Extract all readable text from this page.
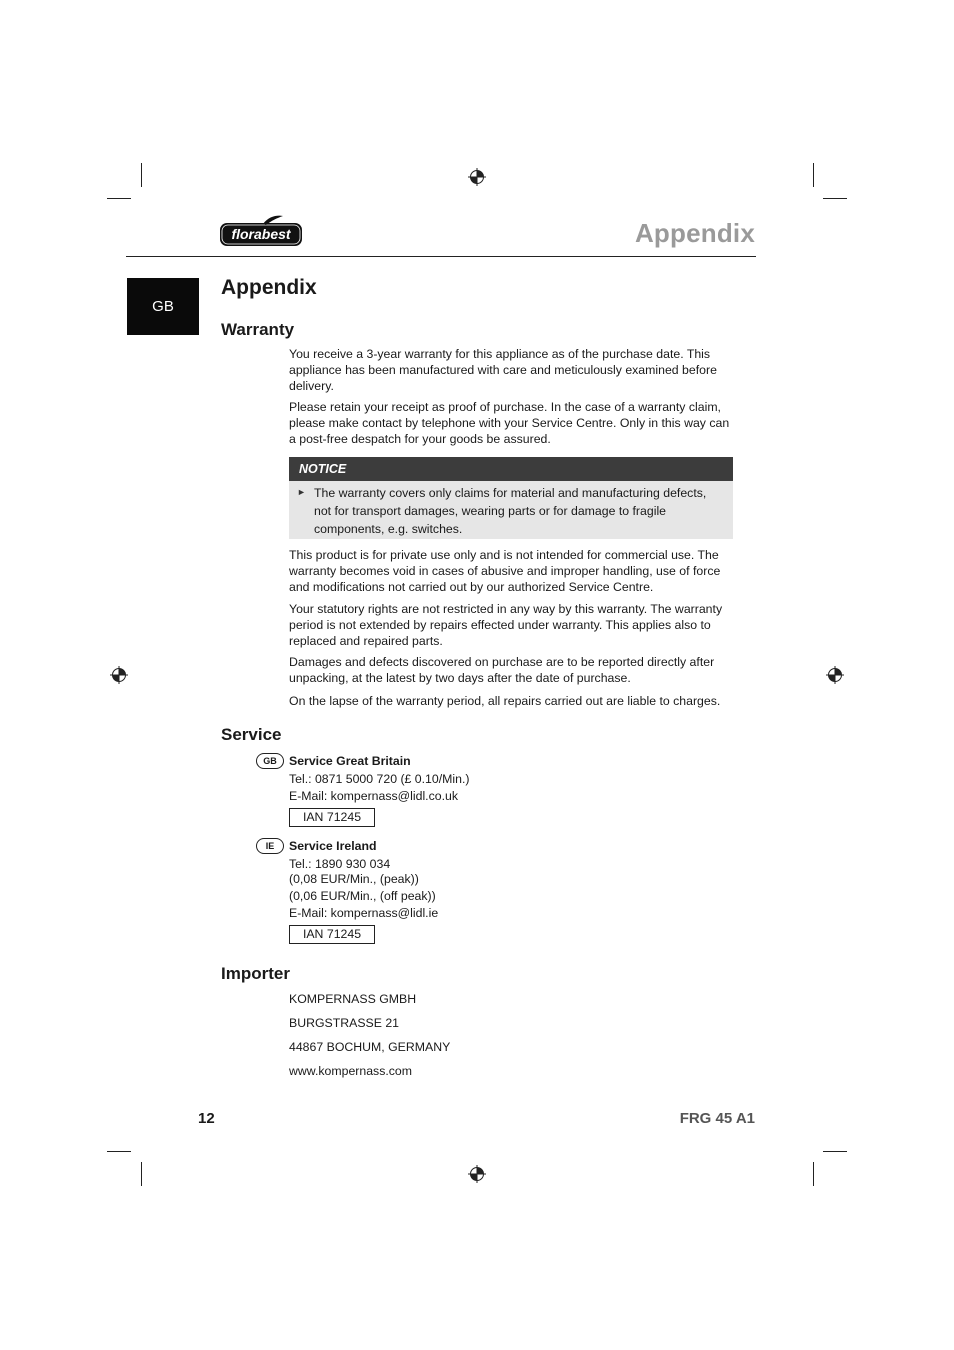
florabest	Appendix
GB
Appendix
Warranty

You receive a 3-year warranty for this appliance as of the purchase date. This appliance has been manufactured with care and meticulously examined before delivery.

Please retain your receipt as proof of purchase. In the case of a warranty claim, please make contact by telephone with your Service Centre. Only in this way can a post-free despatch for your goods be assured.

NOTICE
► The warranty covers only claims for material and manufacturing defects, not for transport damages, wearing parts or for damage to fragile components, e.g. switches.

This product is for private use only and is not intended for commercial use. The warranty becomes void in cases of abusive and improper handling, use of force and modifications not carried out by our authorized Service Centre.

Your statutory rights are not restricted in any way by this warranty. The warranty period is not extended by repairs effected under warranty. This applies also to replaced and repaired parts.

Damages and defects discovered on purchase are to be reported directly after unpacking, at the latest by two days after the date of purchase.

On the lapse of the warranty period, all repairs carried out are liable to charges.

Service
GB Service Great Britain
Tel.: 0871 5000 720 (£ 0.10/Min.)
E-Mail: kompernass@lidl.co.uk
IAN 71245
IE	Service Ireland
Tel.: 1890 930 034
(0,08 EUR/Min., (peak))
(0,06 EUR/Min., (off peak))
E-Mail: kompernass@lidl.ie
IAN 71245
Importer
KOMPERNASS GMBH
BURGSTRASSE 21
44867 BOCHUM, GERMANY
www.kompernass.com
12	FRG 45 A1
